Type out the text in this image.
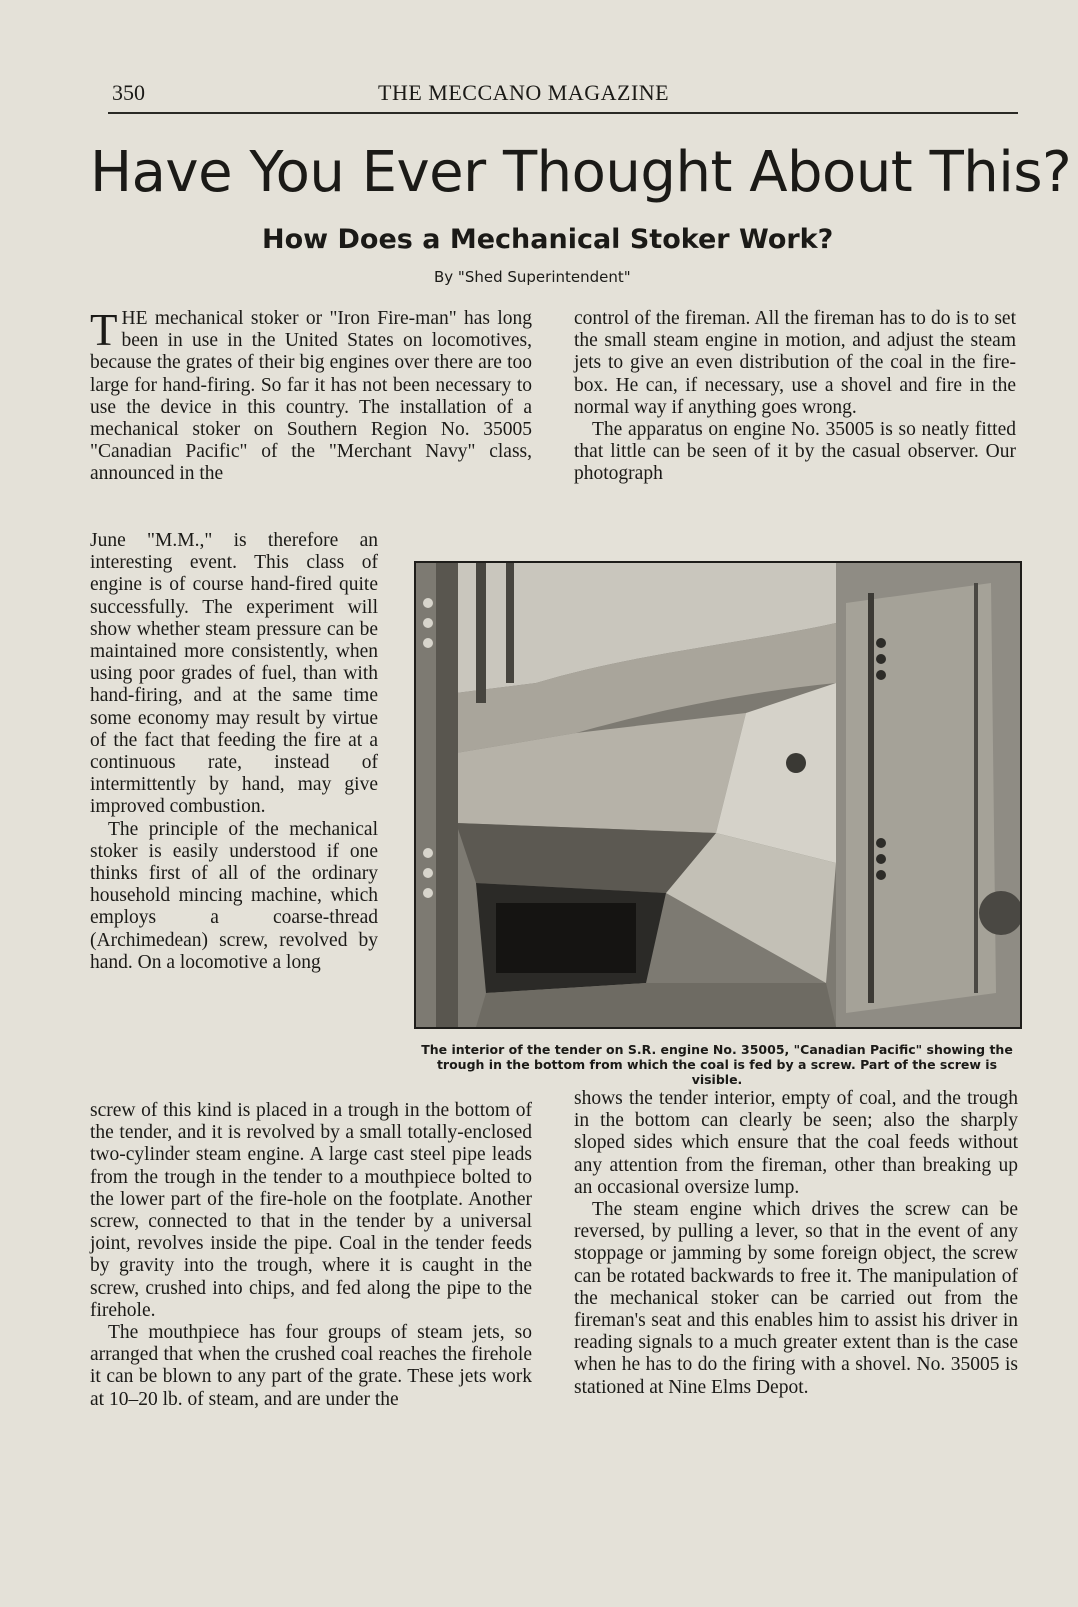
350	THE MECCANO MAGAZINE
Have You Ever Thought About This?
How Does a Mechanical Stoker Work?
By "Shed Superintendent"

THE mechanical stoker or "Iron Fire-man" has long been in use in the United States on locomotives, because the grates of their big engines over there are too large for hand-firing. So far it has not been necessary to use the device in this country. The installation of a mechanical stoker on Southern Region No. 35005 "Canadian Pacific" of the "Merchant Navy" class, announced in the

June "M.M.," is therefore an interesting event. This class of engine is of course hand-fired quite successfully. The experiment will show whether steam pressure can be maintained more consistently, when using poor grades of fuel, than with hand-firing, and at the same time some economy may result by virtue of the fact that feeding the fire at a continuous rate, instead of intermittently by hand, may give improved combustion.

The principle of the mechanical stoker is easily understood if one thinks first of all of the ordinary household mincing machine, which employs a coarse-thread (Archimedean) screw, revolved by hand. On a locomotive a long

screw of this kind is placed in a trough in the bottom of the tender, and it is revolved by a small totally-enclosed two-cylinder steam engine. A large cast steel pipe leads from the trough in the tender to a mouthpiece bolted to the lower part of the fire-hole on the footplate. Another screw, connected to that in the tender by a universal joint, revolves inside the pipe. Coal in the tender feeds by gravity into the trough, where it is caught in the screw, crushed into chips, and fed along the pipe to the firehole.

The mouthpiece has four groups of steam jets, so arranged that when the crushed coal reaches the firehole it can be blown to any part of the grate. These jets work at 10–20 lb. of steam, and are under the

control of the fireman. All the fireman has to do is to set the small steam engine in motion, and adjust the steam jets to give an even distribution of the coal in the fire-box. He can, if necessary, use a shovel and fire in the normal way if anything goes wrong.

The apparatus on engine No. 35005 is so neatly fitted that little can be seen of it by the casual observer. Our photograph

The interior of the tender on S.R. engine No. 35005, "Canadian Pacific" showing the trough in the bottom from which the coal is fed by a screw. Part of the screw is visible.

shows the tender interior, empty of coal, and the trough in the bottom can clearly be seen; also the sharply sloped sides which ensure that the coal feeds without any attention from the fireman, other than breaking up an occasional oversize lump.

The steam engine which drives the screw can be reversed, by pulling a lever, so that in the event of any stoppage or jamming by some foreign object, the screw can be rotated backwards to free it. The manipulation of the mechanical stoker can be carried out from the fireman's seat and this enables him to assist his driver in reading signals to a much greater extent than is the case when he has to do the firing with a shovel. No. 35005 is stationed at Nine Elms Depot.
